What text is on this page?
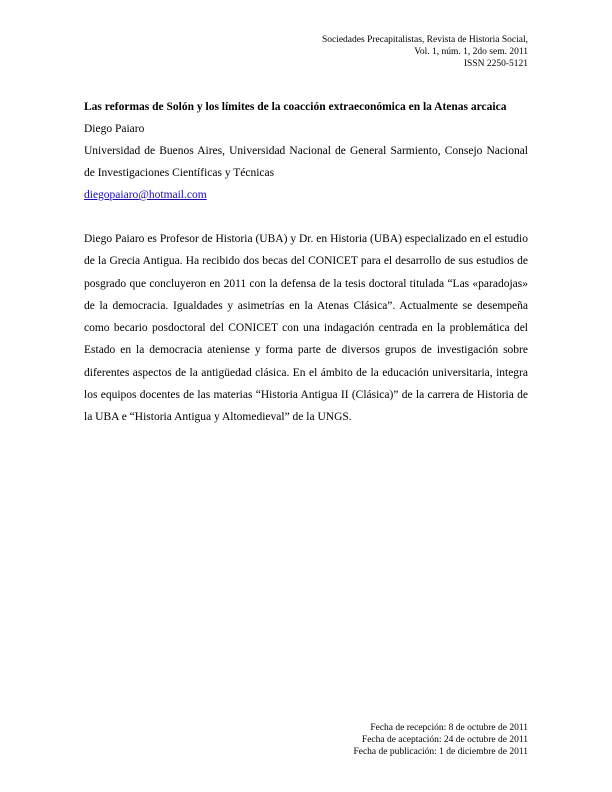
Sociedades Precapitalistas, Revista de Historia Social,
Vol. 1, núm. 1, 2do sem. 2011
ISSN 2250-5121

Las reformas de Solón y los límites de la coacción extraeconómica en la Atenas arcaica

Diego Paiaro

Universidad de Buenos Aires, Universidad Nacional de General Sarmiento, Consejo Nacional de Investigaciones Científicas y Técnicas

diegopaiaro@hotmail.com

Diego Paiaro es Profesor de Historia (UBA) y Dr. en Historia (UBA) especializado en el estudio de la Grecia Antigua. Ha recibido dos becas del CONICET para el desarrollo de sus estudios de posgrado que concluyeron en 2011 con la defensa de la tesis doctoral titulada “Las «paradojas» de la democracia. Igualdades y asimetrías en la Atenas Clásica”. Actualmente se desempeña como becario posdoctoral del CONICET con una indagación centrada en la problemática del Estado en la democracia ateniense y forma parte de diversos grupos de investigación sobre diferentes aspectos de la antigüedad clásica. En el ámbito de la educación universitaria, integra los equipos docentes de las materias “Historia Antigua II (Clásica)” de la carrera de Historia de la UBA e “Historia Antigua y Altomedieval” de la UNGS.

Fecha de recepción: 8 de octubre de 2011
Fecha de aceptación: 24 de octubre de 2011
Fecha de publicación: 1 de diciembre de 2011
